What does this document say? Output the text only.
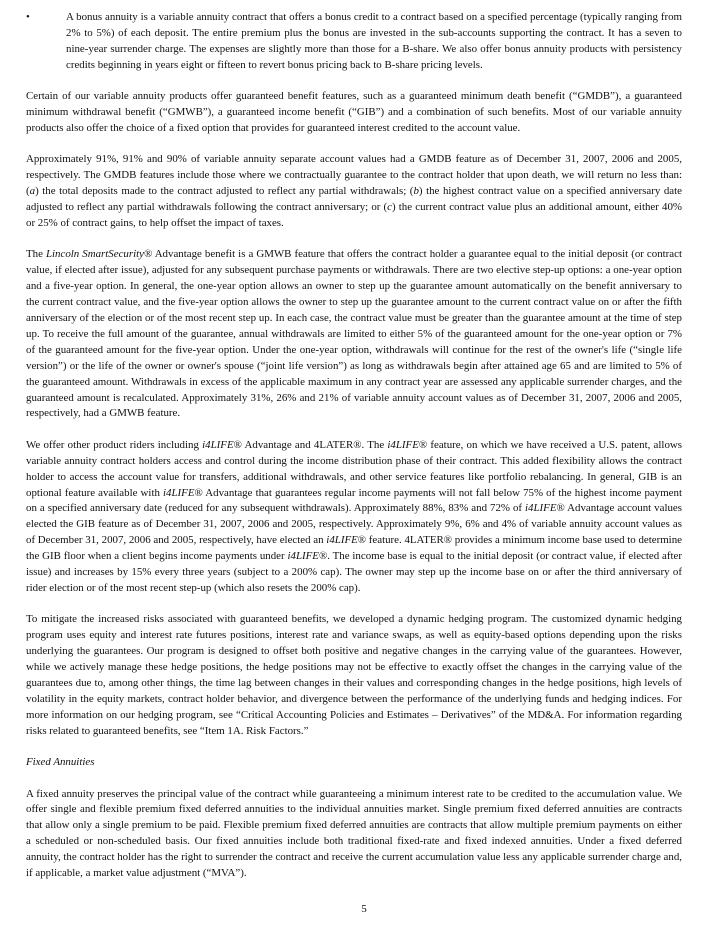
•	A bonus annuity is a variable annuity contract that offers a bonus credit to a contract based on a specified percentage (typically ranging from 2% to 5%) of each deposit. The entire premium plus the bonus are invested in the sub-accounts supporting the contract. It has a seven to nine-year surrender charge. The expenses are slightly more than those for a B-share. We also offer bonus annuity products with persistency credits beginning in years eight or fifteen to revert bonus pricing back to B-share pricing levels.

Certain of our variable annuity products offer guaranteed benefit features, such as a guaranteed minimum death benefit (“GMDB”), a guaranteed minimum withdrawal benefit (“GMWB”), a guaranteed income benefit (“GIB”) and a combination of such benefits. Most of our variable annuity products also offer the choice of a fixed option that provides for guaranteed interest credited to the account value.

Approximately 91%, 91% and 90% of variable annuity separate account values had a GMDB feature as of December 31, 2007, 2006 and 2005, respectively. The GMDB features include those where we contractually guarantee to the contract holder that upon death, we will return no less than: (a) the total deposits made to the contract adjusted to reflect any partial withdrawals; (b) the highest contract value on a specified anniversary date adjusted to reflect any partial withdrawals following the contract anniversary; or (c) the current contract value plus an additional amount, either 40% or 25% of contract gains, to help offset the impact of taxes.

The Lincoln SmartSecurity® Advantage benefit is a GMWB feature that offers the contract holder a guarantee equal to the initial deposit (or contract value, if elected after issue), adjusted for any subsequent purchase payments or withdrawals. There are two elective step-up options: a one-year option and a five-year option. In general, the one-year option allows an owner to step up the guarantee amount automatically on the benefit anniversary to the current contract value, and the five-year option allows the owner to step up the guarantee amount to the current contract value on or after the fifth anniversary of the election or of the most recent step up. In each case, the contract value must be greater than the guarantee amount at the time of step up. To receive the full amount of the guarantee, annual withdrawals are limited to either 5% of the guaranteed amount for the one-year option or 7% of the guaranteed amount for the five-year option. Under the one-year option, withdrawals will continue for the rest of the owner's life (“single life version”) or the life of the owner or owner's spouse (“joint life version”) as long as withdrawals begin after attained age 65 and are limited to 5% of the guaranteed amount. Withdrawals in excess of the applicable maximum in any contract year are assessed any applicable surrender charges, and the guaranteed amount is recalculated. Approximately 31%, 26% and 21% of variable annuity account values as of December 31, 2007, 2006 and 2005, respectively, had a GMWB feature.

We offer other product riders including i4LIFE® Advantage and 4LATER®. The i4LIFE® feature, on which we have received a U.S. patent, allows variable annuity contract holders access and control during the income distribution phase of their contract. This added flexibility allows the contract holder to access the account value for transfers, additional withdrawals, and other service features like portfolio rebalancing. In general, GIB is an optional feature available with i4LIFE® Advantage that guarantees regular income payments will not fall below 75% of the highest income payment on a specified anniversary date (reduced for any subsequent withdrawals). Approximately 88%, 83% and 72% of i4LIFE® Advantage account values elected the GIB feature as of December 31, 2007, 2006 and 2005, respectively. Approximately 9%, 6% and 4% of variable annuity account values as of December 31, 2007, 2006 and 2005, respectively, have elected an i4LIFE® feature. 4LATER® provides a minimum income base used to determine the GIB floor when a client begins income payments under i4LIFE®. The income base is equal to the initial deposit (or contract value, if elected after issue) and increases by 15% every three years (subject to a 200% cap). The owner may step up the income base on or after the third anniversary of rider election or of the most recent step-up (which also resets the 200% cap).

To mitigate the increased risks associated with guaranteed benefits, we developed a dynamic hedging program. The customized dynamic hedging program uses equity and interest rate futures positions, interest rate and variance swaps, as well as equity-based options depending upon the risks underlying the guarantees. Our program is designed to offset both positive and negative changes in the carrying value of the guarantees. However, while we actively manage these hedge positions, the hedge positions may not be effective to exactly offset the changes in the carrying value of the guarantees due to, among other things, the time lag between changes in their values and corresponding changes in the hedge positions, high levels of volatility in the equity markets, contract holder behavior, and divergence between the performance of the underlying funds and hedging indices. For more information on our hedging program, see “Critical Accounting Policies and Estimates – Derivatives” of the MD&A. For information regarding risks related to guaranteed benefits, see “Item 1A. Risk Factors.”

Fixed Annuities

A fixed annuity preserves the principal value of the contract while guaranteeing a minimum interest rate to be credited to the accumulation value. We offer single and flexible premium fixed deferred annuities to the individual annuities market. Single premium fixed deferred annuities are contracts that allow only a single premium to be paid. Flexible premium fixed deferred annuities are contracts that allow multiple premium payments on either a scheduled or non-scheduled basis. Our fixed annuities include both traditional fixed-rate and fixed indexed annuities. Under a fixed deferred annuity, the contract holder has the right to surrender the contract and receive the current accumulation value less any applicable surrender charge and, if applicable, a market value adjustment (“MVA”).

5
